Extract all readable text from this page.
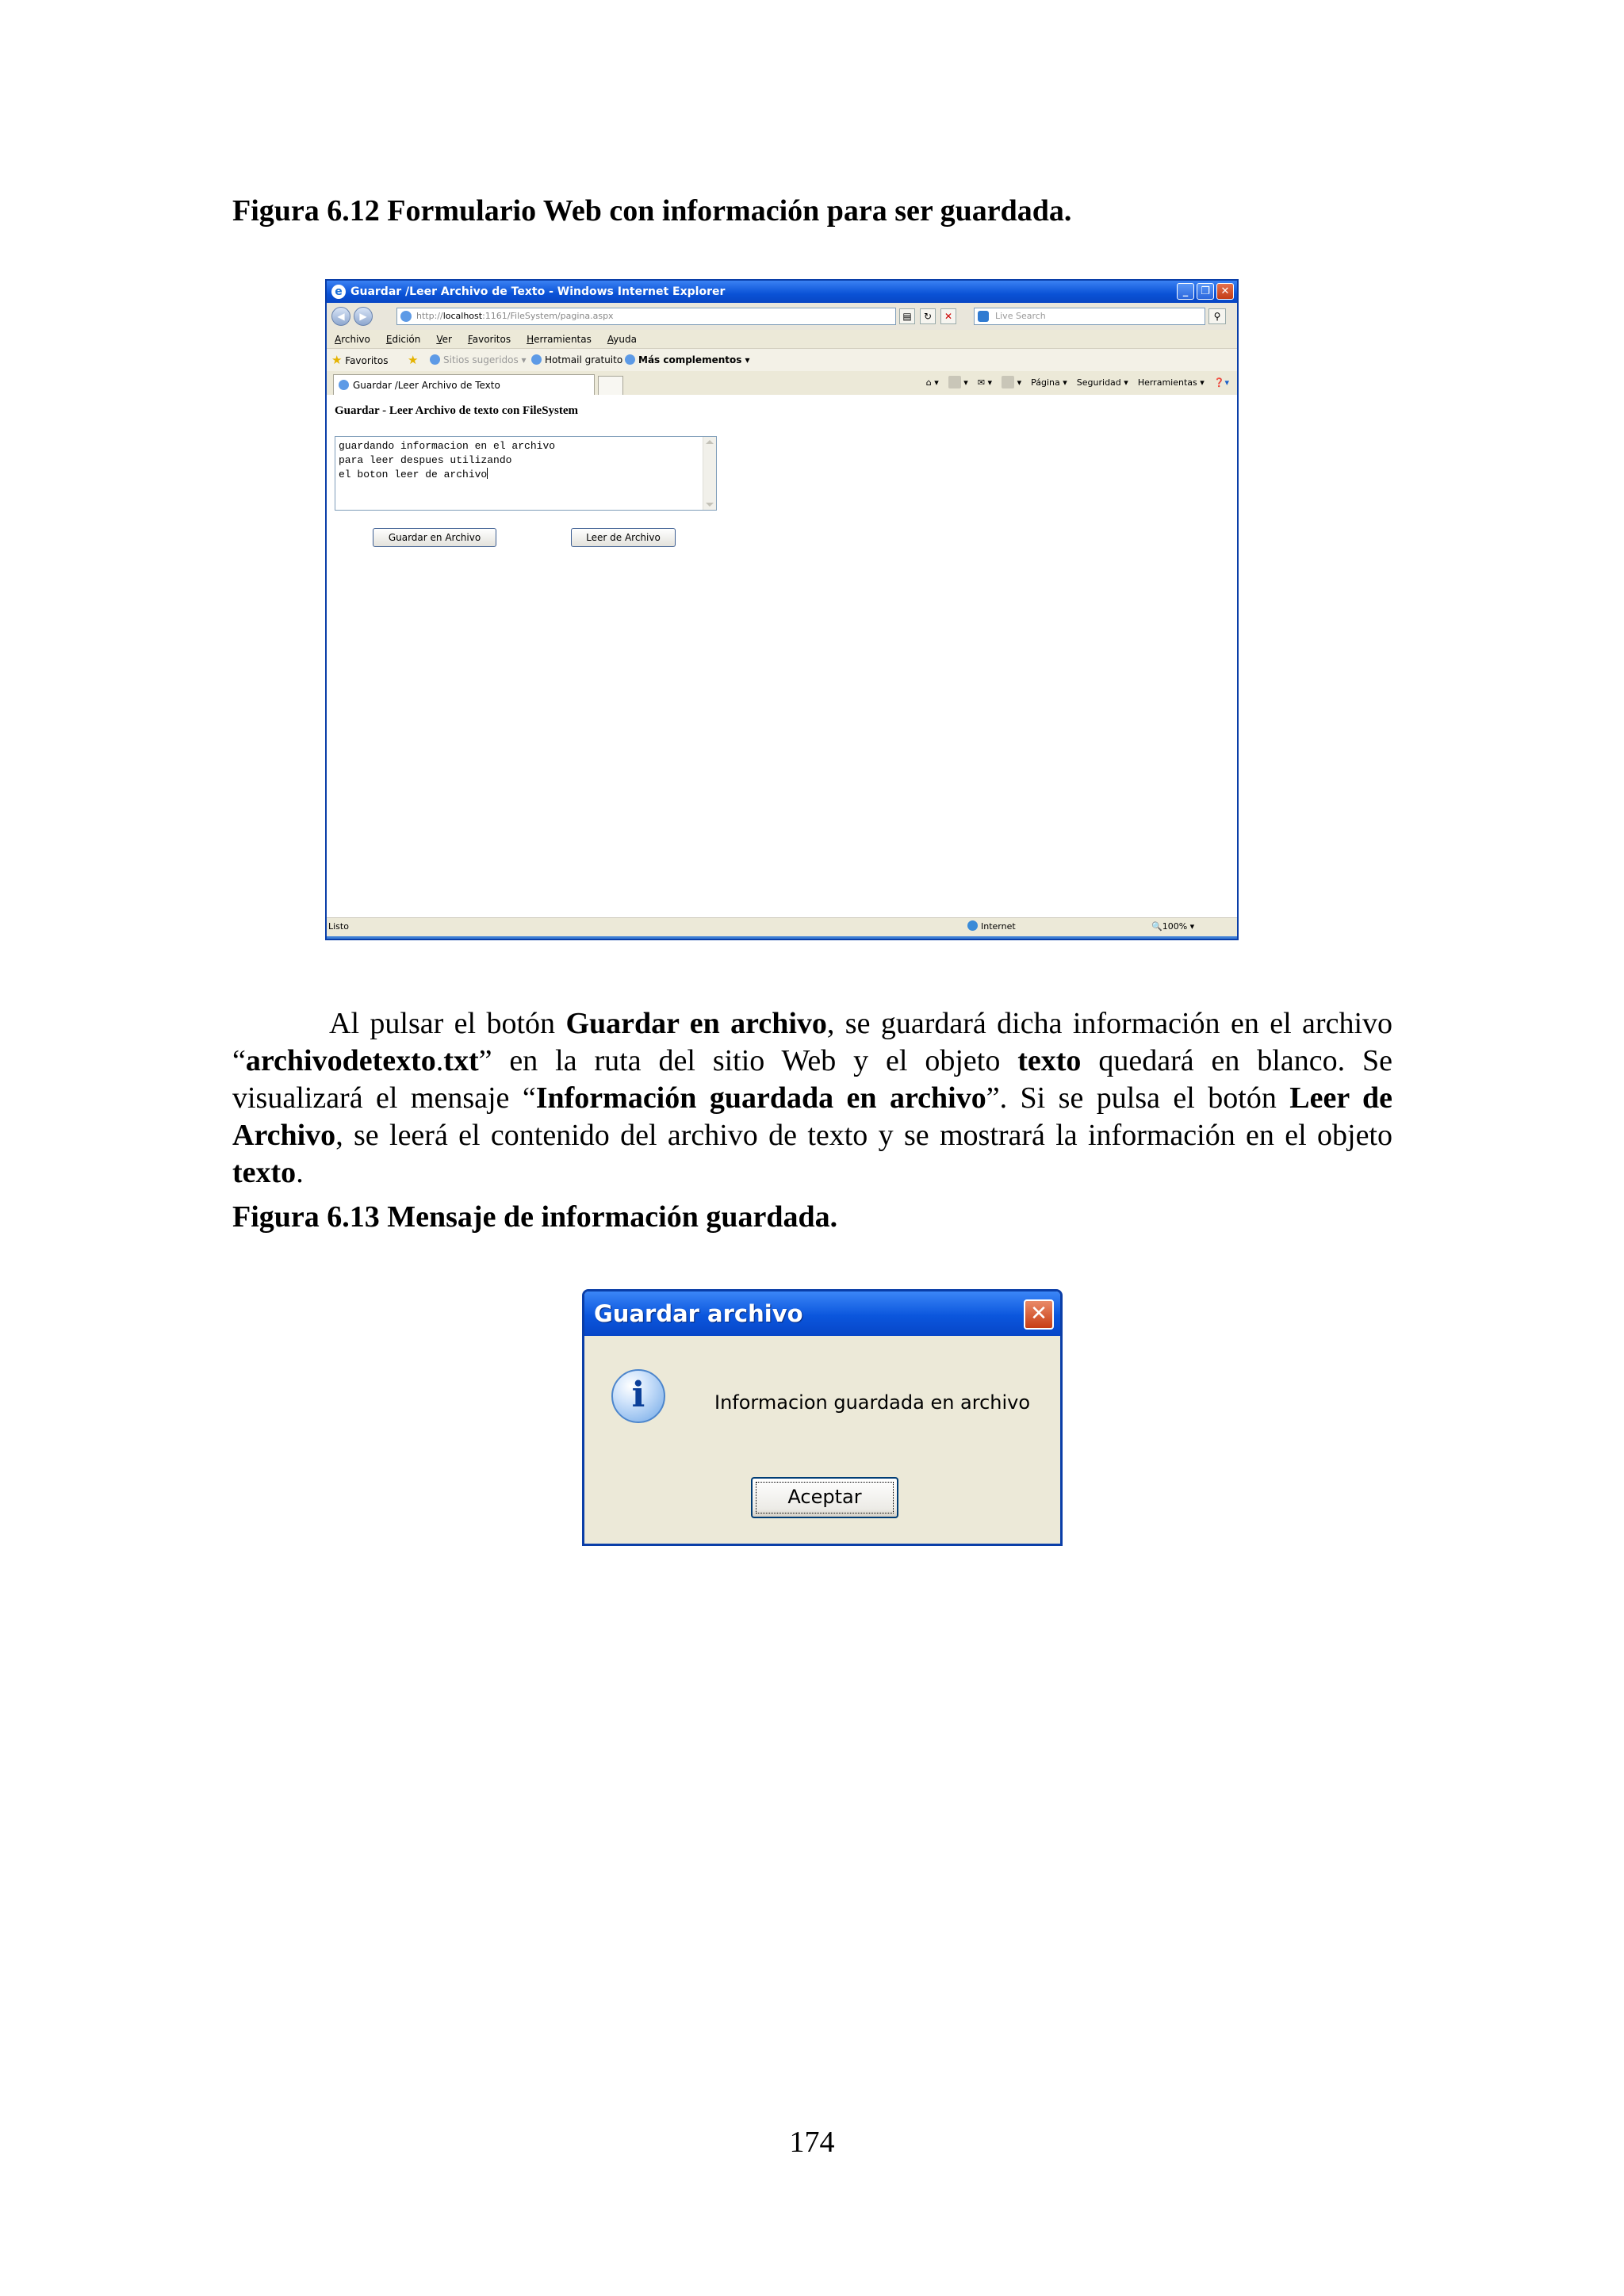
Figura 6.12 Formulario Web con información para ser guardada.
e Guardar /Leer Archivo de Texto - Windows Internet Explorer	_	❐	✕
◀	▶	http://localhost:1161/FileSystem/pagina.aspx	▤	↻	✕	Live Search	⚲
Archivo Edición Ver Favoritos Herramientas Ayuda
★ Favoritos ★	Sitios sugeridos ▾	Hotmail gratuito	Más complementos ▾
Guardar /Leer Archivo de Texto	⌂ ▾	▾ ✉ ▾	▾ Página ▾ Seguridad ▾ Herramientas ▾ ❓▾
Guardar - Leer Archivo de texto con FileSystem
guardando informacion en el archivo
para leer despues utilizando
el boton leer de archivo
Guardar en Archivo	Leer de Archivo
Listo	Internet	🔍100% ▾

Al pulsar el botón Guardar en archivo, se guardará dicha información en el archivo “archivodetexto.txt” en la ruta del sitio Web y el objeto texto quedará en blanco. Se visualizará el mensaje “Información guardada en archivo”. Si se pulsa el botón Leer de Archivo, se leerá el contenido del archivo de texto y se mostrará la información en el objeto texto.

Figura 6.13 Mensaje de información guardada.
Guardar archivo	✕
i	Informacion guardada en archivo
Aceptar
174
